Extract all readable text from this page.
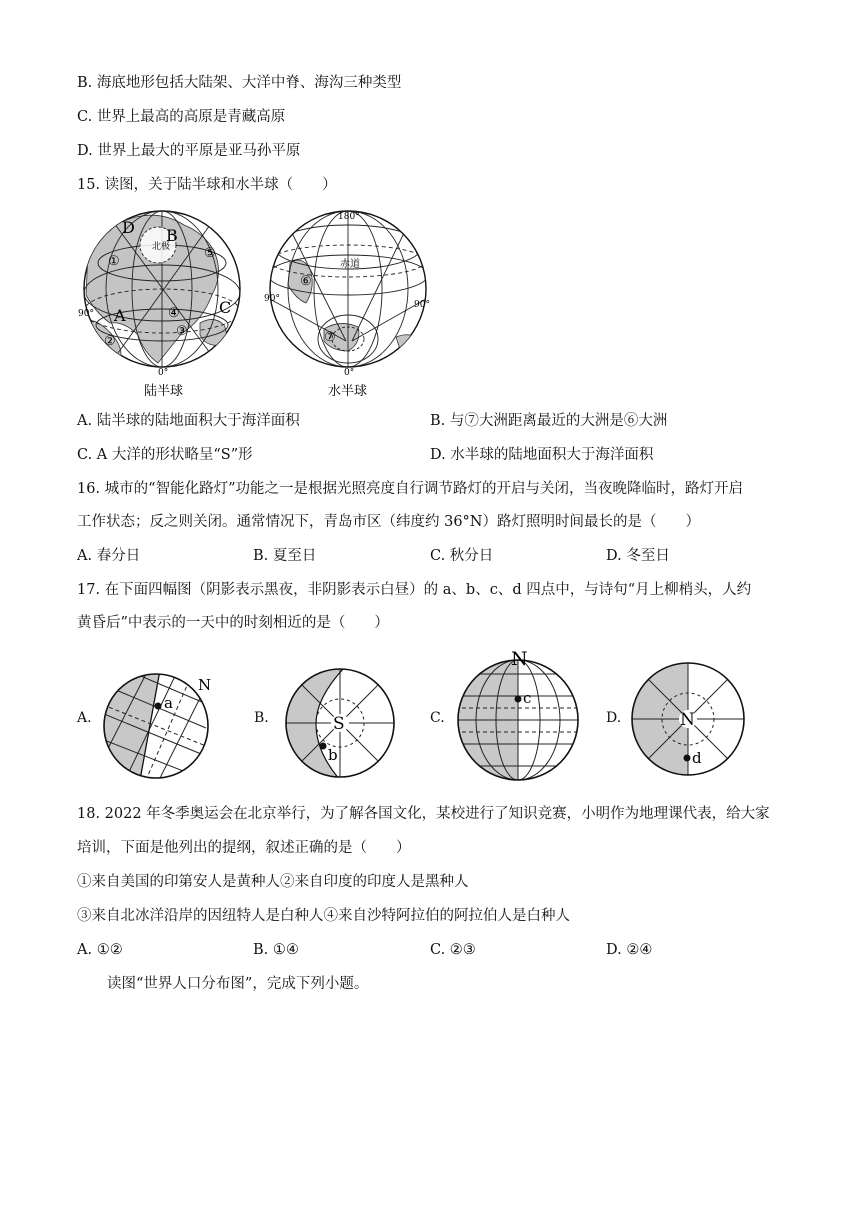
B. 海底地形包括大陆架、大洋中脊、海沟三种类型
C. 世界上最高的高原是青藏高原
D. 世界上最大的平原是亚马孙平原
15. 读图，关于陆半球和水半球（　　）
北极
D B
C
A
①
②
③
④
⑤
90°
0°
陆半球
180°
赤道
⑥
⑦
90°
90°
0°
水半球
A. 陆半球的陆地面积大于海洋面积	B. 与⑦大洲距离最近的大洲是⑥大洲
C. A 大洋的形状略呈“S”形	D. 水半球的陆地面积大于海洋面积
16. 城市的“智能化路灯”功能之一是根据光照亮度自行调节路灯的开启与关闭，当夜晚降临时，路灯开启
工作状态；反之则关闭。通常情况下，青岛市区（纬度约 36°N）路灯照明时间最长的是（　　）
A. 春分日	B. 夏至日	C. 秋分日	D. 冬至日
17. 在下面四幅图（阴影表示黑夜，非阴影表示白昼）的 a、b、c、d 四点中，与诗句“月上柳梢头，人约
黄昏后”中表示的一天中的时刻相近的是（　　）
A.
a
N
B.	S
b
C.
N
c
D.	N
d
18. 2022 年冬季奥运会在北京举行，为了解各国文化，某校进行了知识竞赛，小明作为地理课代表，给大家
培训，下面是他列出的提纲，叙述正确的是（　　）
①来自美国的印第安人是黄种人②来自印度的印度人是黑种人
③来自北冰洋沿岸的因纽特人是白种人④来自沙特阿拉伯的阿拉伯人是白种人
A. ①②	B. ①④	C. ②③	D. ②④
读图“世界人口分布图”，完成下列小题。
